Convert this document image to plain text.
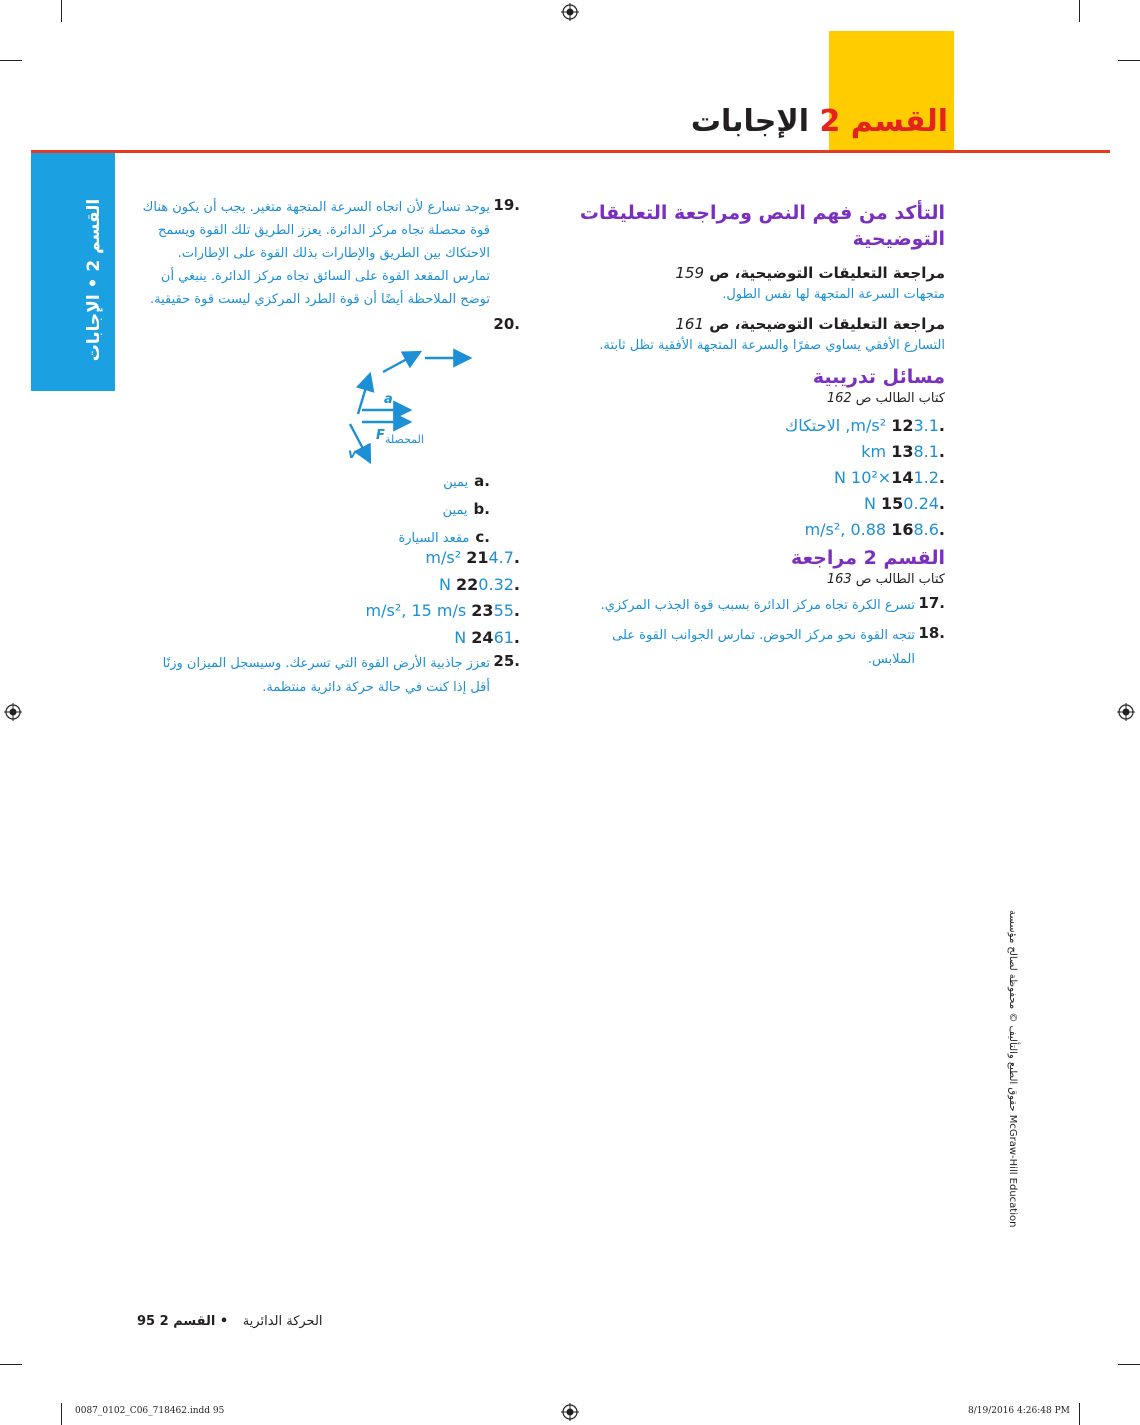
القسم 2 الإجابات
القسم 2 • الإجابات	التأكد من فهم النص ومراجعة التعليقات التوضيحية
مراجعة التعليقات التوضيحية، ص 159
متجهات السرعة المتجهة لها نفس الطول.
مراجعة التعليقات التوضيحية، ص 161
التسارع الأفقي يساوي صفرًا والسرعة المتجهة الأفقية تظل ثابتة.
مسائل تدريبية
كتاب الطالب ص 162
.123.1 m/s², الاحتكاك
.138.1 km
.141.2×10² N
.150.24 N
.168.6 m/s², 0.88
القسم 2 مراجعة
كتاب الطالب ص 163
.17
تسرع الكرة تجاه مركز الدائرة بسبب قوة الجذب المركزي.
.18
تتجه القوة نحو مركز الحوض. تمارس الجوانب القوة على الملابس.
.19
يوجد تسارع لأن اتجاه السرعة المتجهة متغير. يجب أن يكون هناك قوة محصلة تجاه مركز الدائرة. يعزز الطريق تلك القوة ويسمح الاحتكاك بين الطريق والإطارات بذلك القوة على الإطارات. تمارس المقعد القوة على السائق تجاه مركز الدائرة. ينبغي أن توضح الملاحظة أيضًا أن قوة الطرد المركزي ليست قوة حقيقية.
.20
a
F المحصلة
v
.aيمين
.bيمين
.cمقعد السيارة
.214.7 m/s²
.220.32 N
.2355 m/s², 15 m/s
.2461 N
.25
تعزز جاذبية الأرض القوة التي تسرعك. وسيسجل الميزان وزنًا أقل إذا كنت في حالة حركة دائرية منتظمة.
حقوق الطبع والتأليف © محفوظة لصالح مؤسسة McGraw-Hill Education
95	الحركة الدائرية • القسم 2
0087_0102_C06_718462.indd 95	8/19/2016 4:26:48 PM
